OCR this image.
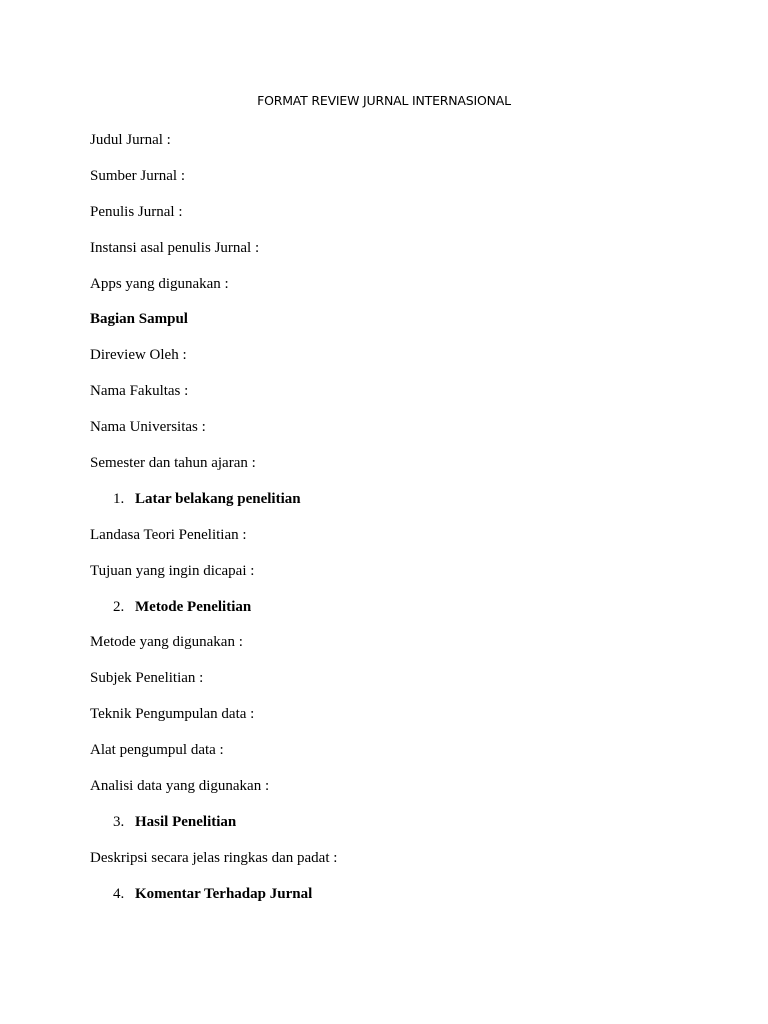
FORMAT REVIEW JURNAL INTERNASIONAL
Judul Jurnal :
Sumber Jurnal :
Penulis Jurnal :
Instansi asal penulis Jurnal :
Apps yang digunakan :
Bagian Sampul
Direview Oleh :
Nama Fakultas :
Nama Universitas :
Semester dan tahun ajaran :
1. Latar belakang penelitian
Landasa Teori Penelitian :
Tujuan yang ingin dicapai :
2. Metode Penelitian
Metode yang digunakan :
Subjek Penelitian :
Teknik Pengumpulan data :
Alat pengumpul data :
Analisi data yang digunakan :
3. Hasil Penelitian
Deskripsi secara jelas ringkas dan padat :
4. Komentar Terhadap Jurnal
